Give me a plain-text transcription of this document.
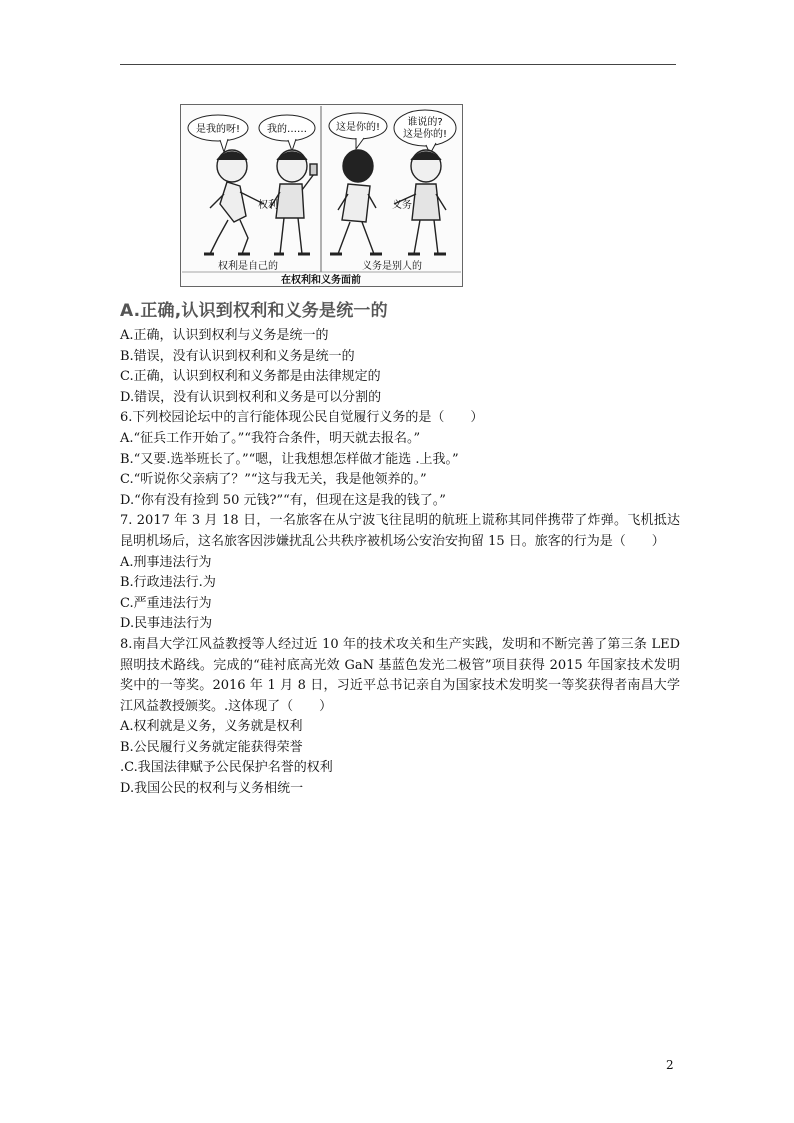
是我的呀!	我的……	这是你的!	谁说的?
这是你的!
权利	义务
权利是自己的	义务是别人的
在权利和义务面前
A.正确,认识到权利和义务是统一的
A.正确，认识到权利与义务是统一的
B.错误，没有认识到权利和义务是统一的
C.正确，认识到权利和义务都是由法律规定的
D.错误，没有认识到权利和义务是可以分割的
6.下列校园论坛中的言行能体现公民自觉履行义务的是（　　）
A.“征兵工作开始了。”“我符合条件，明天就去报名。”
B.“又要.选举班长了。”“嗯，让我想想怎样做才能选 .上我。”
C.“听说你父亲病了？”“这与我无关，我是他领养的。”
D.“你有没有捡到 50 元钱?”“有，但现在这是我的钱了。”
7. 2017 年 3 月 18 日，一名旅客在从宁波飞往昆明的航班上谎称其同伴携带了炸弹。飞机抵达昆明机场后，这名旅客因涉嫌扰乱公共秩序被机场公安治安拘留 15 日。旅客的行为是（　　）
A.刑事违法行为
B.行政违法行.为
C.严重违法行为
D.民事违法行为
8.南昌大学江风益教授等人经过近 10 年的技术攻关和生产实践，发明和不断完善了第三条 LED 照明技术路线。完成的“硅衬底高光效 GaN 基蓝色发光二极管”项目获得 2015 年国家技术发明奖中的一等奖。2016 年 1 月 8 日，习近平总书记亲自为国家技术发明奖一等奖获得者南昌大学江风益教授颁奖。.这体现了（　　）
A.权利就是义务，义务就是权利
B.公民履行义务就定能获得荣誉
.C.我国法律赋予公民保护名誉的权利
D.我国公民的权利与义务相统一
2
